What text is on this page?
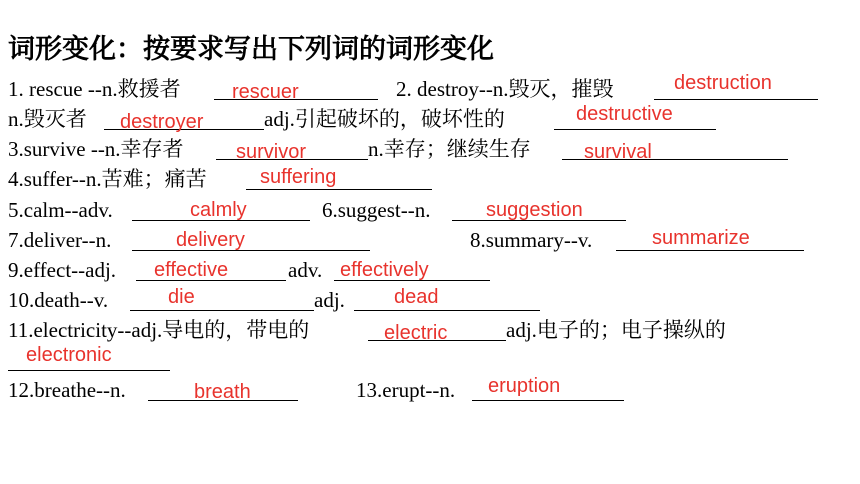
词形变化：按要求写出下列词的词形变化
1. rescue --n.救援者	rescuer	2. destroy--n.毁灭，摧毁	destruction
n.毁灭者 destroyer	adj.引起破坏的，破坏性的	destructive
3.survive --n.幸存者	survivor	n.幸存；继续生存	survival
4.suffer--n.苦难；痛苦	suffering
5.calm--adv.	calmly	6.suggest--n.	suggestion
7.deliver--n.	delivery	8.summary--v.	summarize
9.effect--adj. effective	adv. effectively
10.death--v.	die	adj. dead
11.electricity--adj.导电的，带电的	electric	adj.电子的；电子操纵的
electronic
12.breathe--n.	breath	13.erupt--n. eruption
